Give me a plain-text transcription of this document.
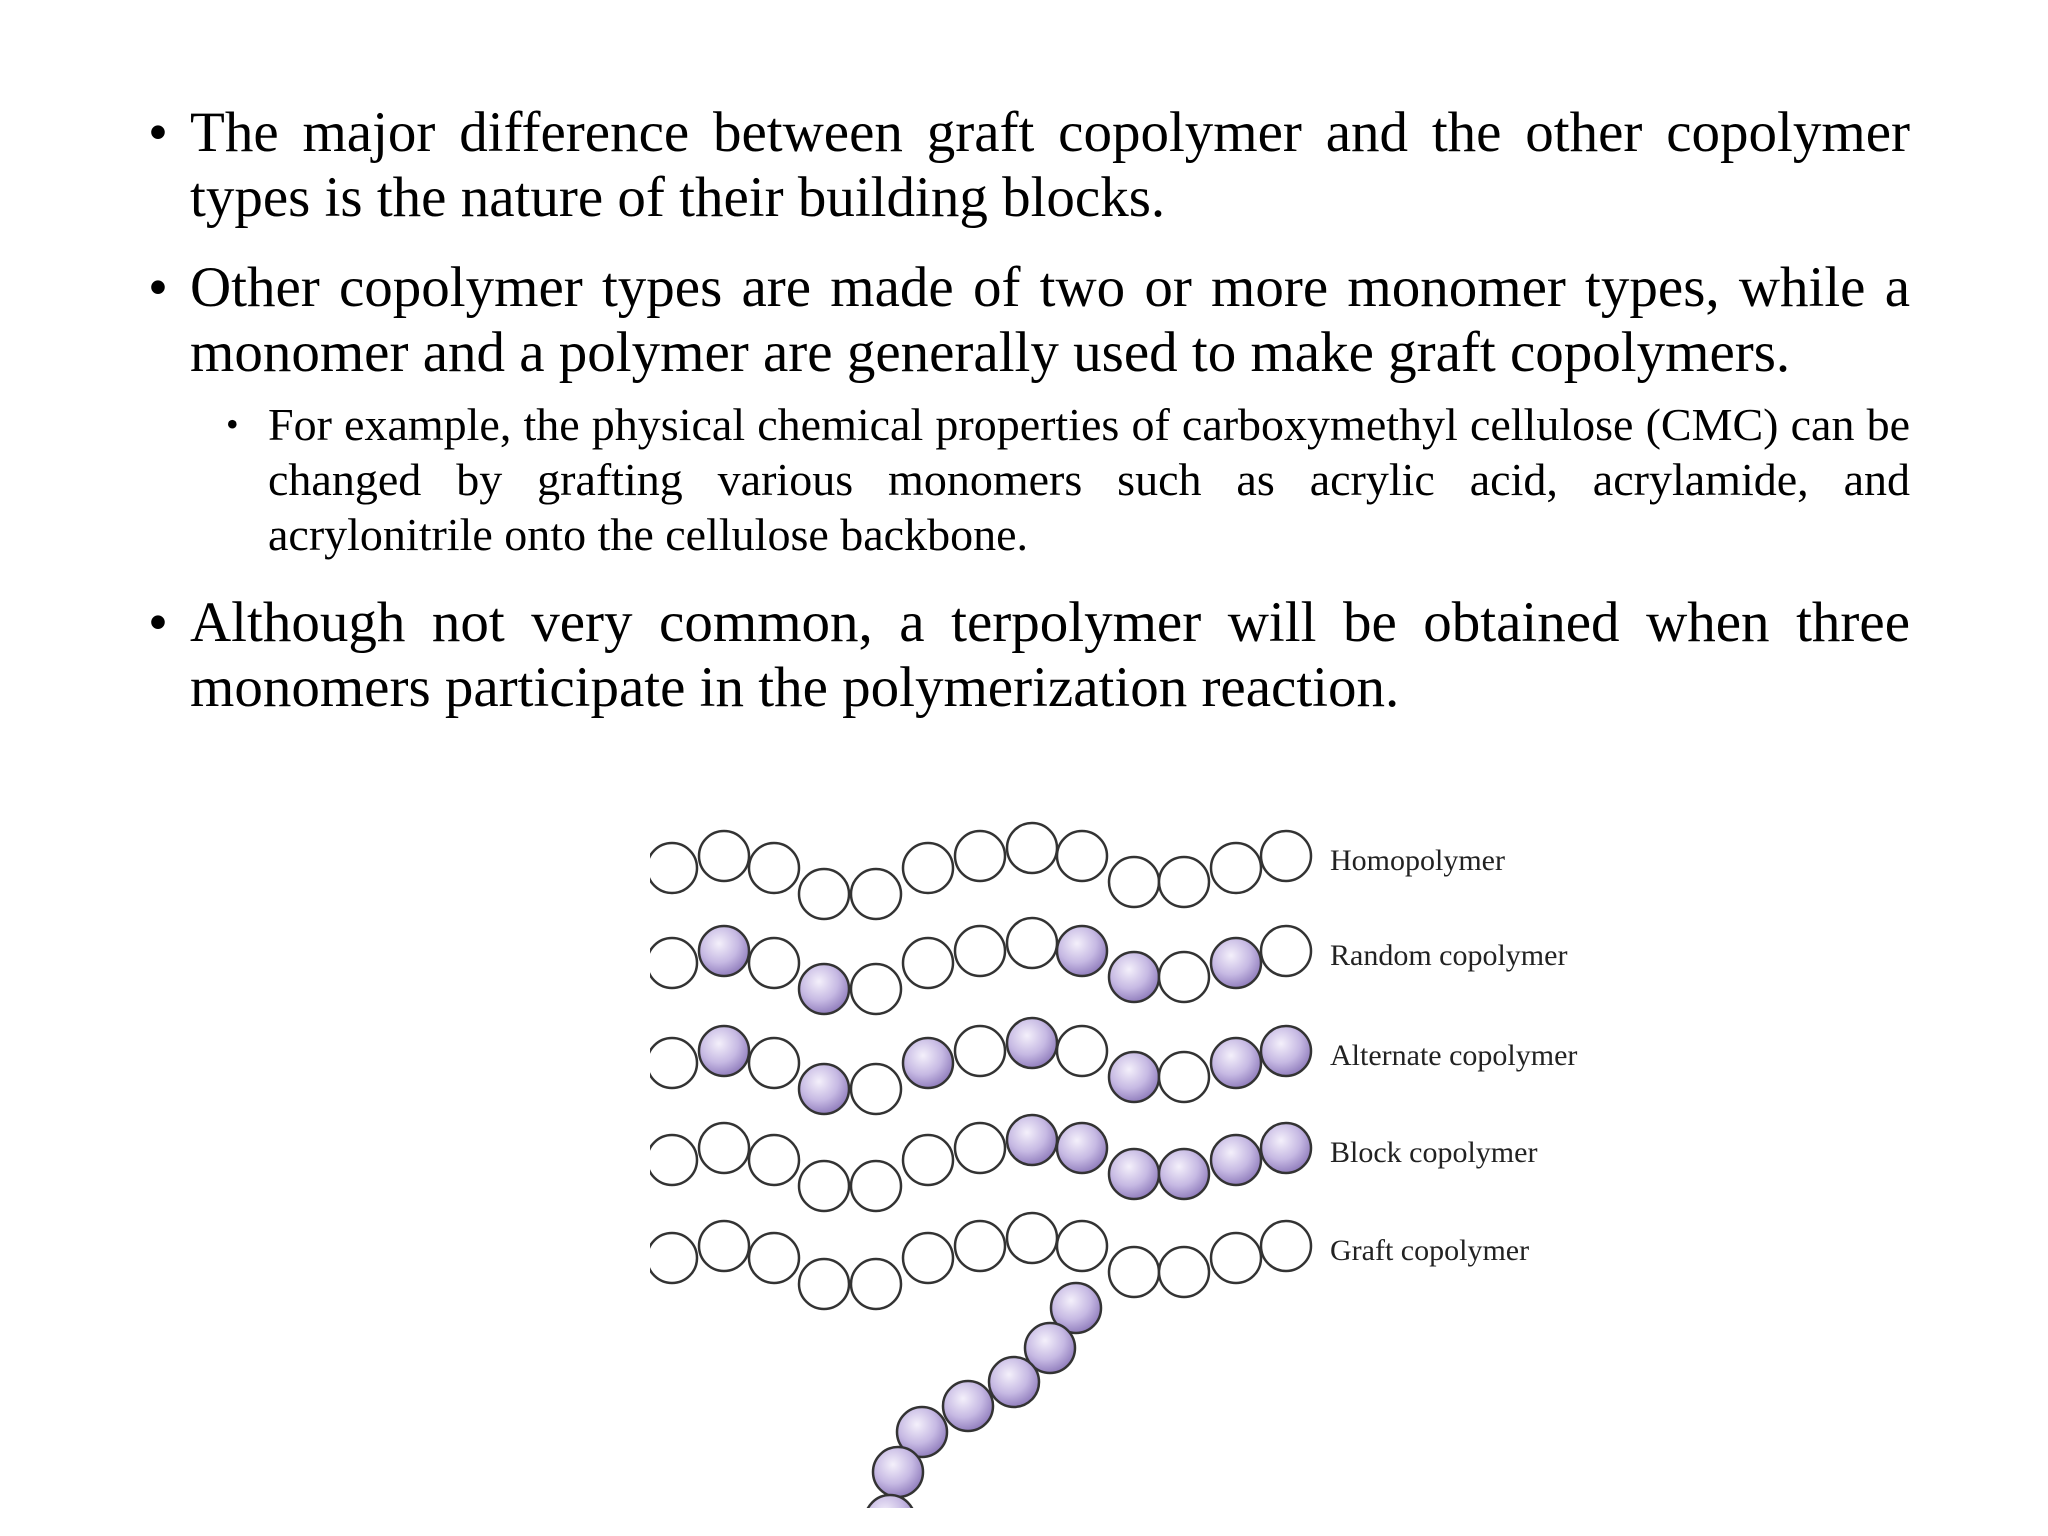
• The major difference between graft copolymer and the other copolymer types is the nature of their building blocks.
• Other copolymer types are made of two or more monomer types, while a monomer and a polymer are generally used to make graft copolymers.
• For example, the physical chemical properties of carboxymethyl cellulose (CMC) can be changed by grafting various monomers such as acrylic acid, acrylamide, and acrylonitrile onto the cellulose backbone.
• Although not very common, a terpolymer will be obtained when three monomers participate in the polymerization reaction.
Homopolymer
Random copolymer
Alternate copolymer
Block copolymer
Graft copolymer
